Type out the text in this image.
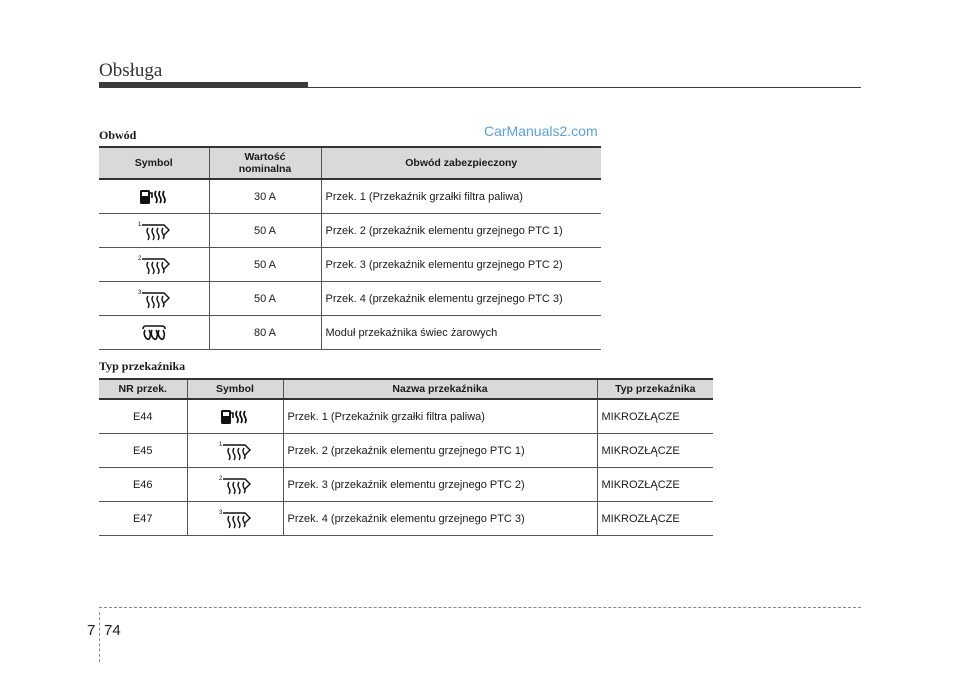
Obsługa
Obwód	CarManuals2.com
Symbol	Wartość nominalna	Obwód zabezpieczony
	30 A	Przek. 1 (Przekaźnik grzałki filtra paliwa)

1	50 A	Przek. 2 (przekaźnik elementu grzejnego PTC 1)

2	50 A	Przek. 3 (przekaźnik elementu grzejnego PTC 2)

3	50 A	Przek. 4 (przekaźnik elementu grzejnego PTC 3)
	80 A	Moduł przekaźnika świec żarowych
Typ przekaźnika
NR przek.	Symbol	Nazwa przekaźnika	Typ przekaźnika
E44		Przek. 1 (Przekaźnik grzałki filtra paliwa)	MIKROZŁĄCZE
E45	1	Przek. 2 (przekaźnik elementu grzejnego PTC 1)	MIKROZŁĄCZE
E46	2	Przek. 3 (przekaźnik elementu grzejnego PTC 2)	MIKROZŁĄCZE
E47	3	Przek. 4 (przekaźnik elementu grzejnego PTC 3)	MIKROZŁĄCZE
7 74
